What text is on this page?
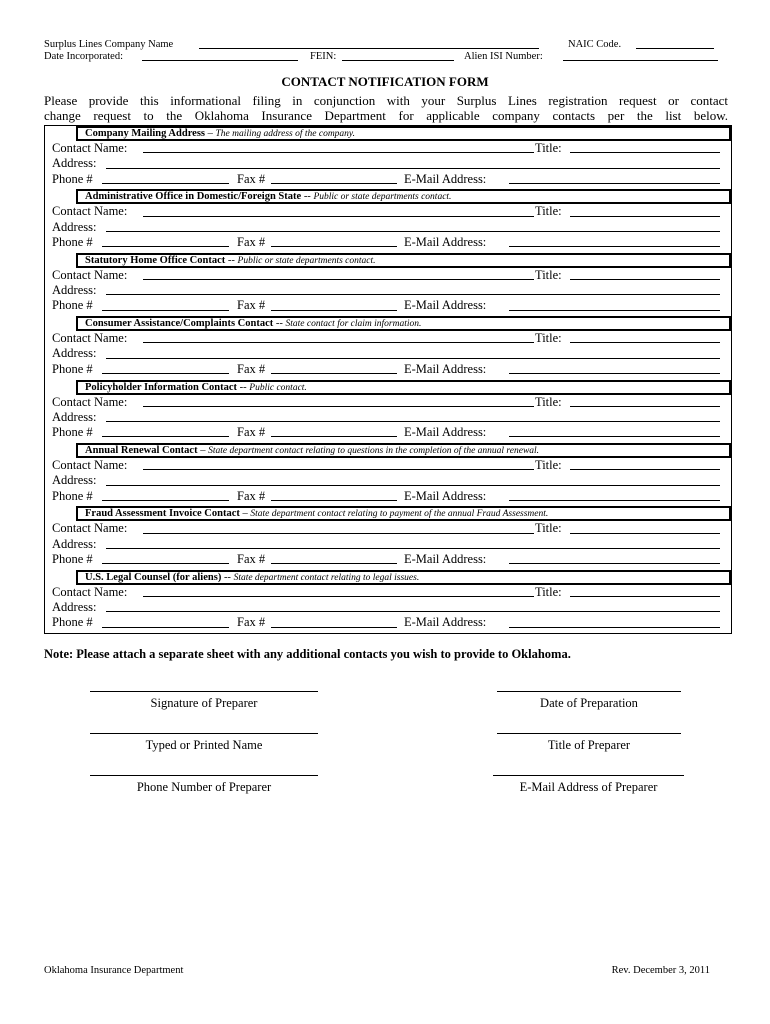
Surplus Lines Company Name	NAIC Code.
Date Incorporated:	FEIN:	Alien ISI Number:
CONTACT NOTIFICATION FORM
Please provide this informational filing in conjunction with your Surplus Lines registration request or contact
change request to the Oklahoma Insurance Department for applicable company contacts per the list below.
Company Mailing Address – The mailing address of the company.
Contact Name:	Title:
Address:
Phone #	Fax #	E-Mail Address:
Administrative Office in Domestic/Foreign State -- Public or state departments contact.
Contact Name:	Title:
Address:
Phone #	Fax #	E-Mail Address:
Statutory Home Office Contact -- Public or state departments contact.
Contact Name:	Title:
Address:
Phone #	Fax #	E-Mail Address:
Consumer Assistance/Complaints Contact -- State contact for claim information.
Contact Name:	Title:
Address:
Phone #	Fax #	E-Mail Address:
Policyholder Information Contact -- Public contact.
Contact Name:	Title:
Address:
Phone #	Fax #	E-Mail Address:
Annual Renewal Contact – State department contact relating to questions in the completion of the annual renewal.
Contact Name:	Title:
Address:
Phone #	Fax #	E-Mail Address:
Fraud Assessment Invoice Contact – State department contact relating to payment of the annual Fraud Assessment.
Contact Name:	Title:
Address:
Phone #	Fax #	E-Mail Address:
U.S. Legal Counsel (for aliens) -- State department contact relating to legal issues.
Contact Name:	Title:
Address:
Phone #	Fax #	E-Mail Address:
Note: Please attach a separate sheet with any additional contacts you wish to provide to Oklahoma.
Signature of Preparer	Date of Preparation
Typed or Printed Name	Title of Preparer
Phone Number of Preparer	E-Mail Address of Preparer
Oklahoma Insurance Department	Rev. December 3, 2011
